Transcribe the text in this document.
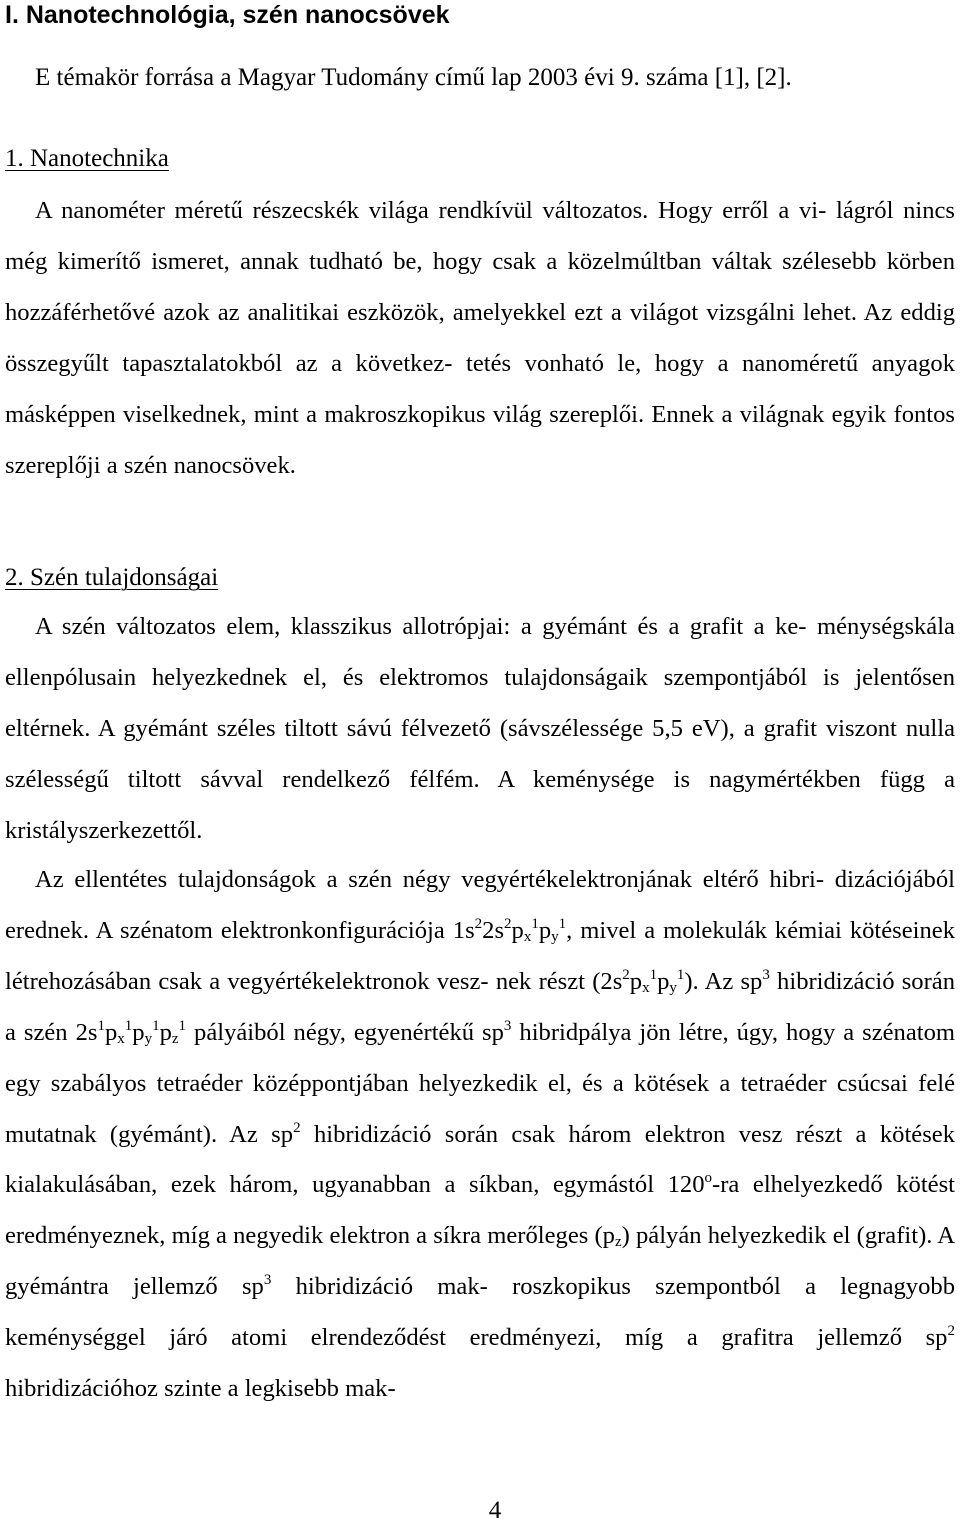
I. Nanotechnológia, szén nanocsövek

E témakör forrása a Magyar Tudomány című lap 2003 évi 9. száma [1], [2].

1. Nanotechnika

A nanométer méretű részecskék világa rendkívül változatos. Hogy erről a vi- lágról nincs még kimerítő ismeret, annak tudható be, hogy csak a közelmúltban váltak szélesebb körben hozzáférhetővé azok az analitikai eszközök, amelyekkel ezt a világot vizsgálni lehet. Az eddig összegyűlt tapasztalatokból az a következ- tetés vonható le, hogy a nanoméretű anyagok másképpen viselkednek, mint a makroszkopikus világ szereplői. Ennek a világnak egyik fontos szereplőji a szén nanocsövek.

2. Szén tulajdonságai

A szén változatos elem, klasszikus allotrópjai: a gyémánt és a grafit a ke- ménységskála ellenpólusain helyezkednek el, és elektromos tulajdonságaik szempontjából is jelentősen eltérnek. A gyémánt széles tiltott sávú félvezető (sávszélessége 5,5 eV), a grafit viszont nulla szélességű tiltott sávval rendelkező félfém. A keménysége is nagymértékben függ a kristályszerkezettől.

Az ellentétes tulajdonságok a szén négy vegyértékelektronjának eltérő hibri- dizációjából erednek. A szénatom elektronkonfigurációja $1s^22s^2p_x^1p_y^1$, mivel a molekulák kémiai kötéseinek létrehozásában csak a vegyértékelektronok vesz- nek részt $(2s^2p_x^1p_y^1)$. Az $sp^3$ hibridizáció során a szén $2s^1p_x^1p_y^1p_z^1$ pályáiból négy, egyenértékű $sp^3$ hibridpálya jön létre, úgy, hogy a szénatom egy szabályos tetraéder középpontjában helyezkedik el, és a kötések a tetraéder csúcsai felé mutatnak (gyémánt). Az $sp^2$ hibridizáció során csak három elektron vesz részt a kötések kialakulásában, ezek három, ugyanabban a síkban, egymástól 120$^o$-ra elhelyezkedő kötést eredményeznek, míg a negyedik elektron a síkra merőleges $(p_z)$ pályán helyezkedik el (grafit). A gyémántra jellemző $sp^3$ hibridizáció mak- roszkopikus szempontból a legnagyobb keménységgel járó atomi elrendeződést eredményezi, míg a grafitra jellemző $sp^2$ hibridizációhoz szinte a legkisebb mak-

4
